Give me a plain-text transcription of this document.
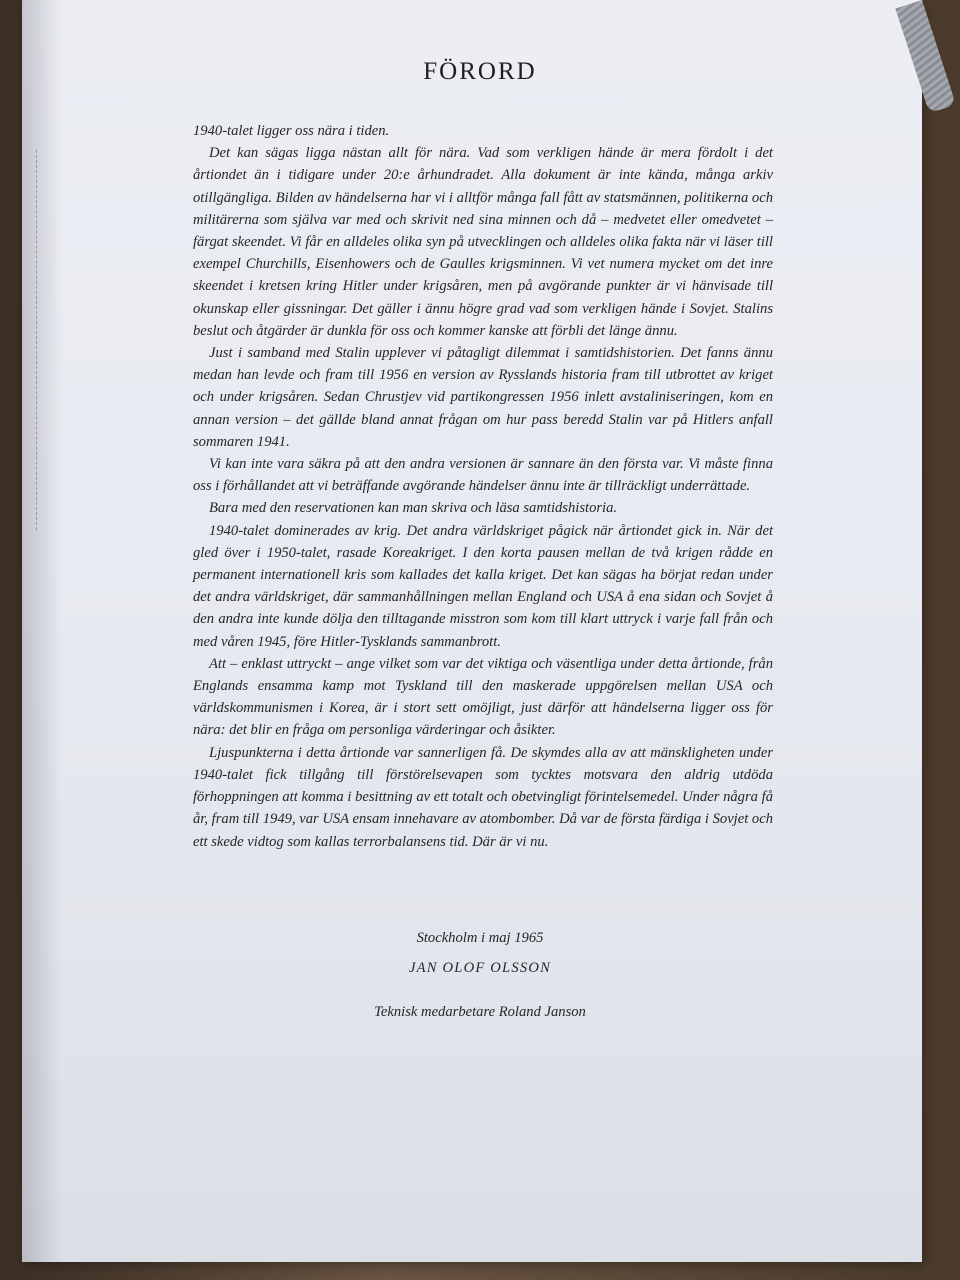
FÖRORD

1940-talet ligger oss nära i tiden.

Det kan sägas ligga nästan allt för nära. Vad som verkligen hände är mera fördolt i det årtiondet än i tidigare under 20:e århundradet. Alla dokument är inte kända, många arkiv otillgängliga. Bilden av händelserna har vi i alltför många fall fått av statsmännen, politikerna och militärerna som själva var med och skrivit ned sina minnen och då – medvetet eller omedvetet – färgat skeendet. Vi får en alldeles olika syn på utvecklingen och alldeles olika fakta när vi läser till exempel Churchills, Eisenhowers och de Gaulles krigsminnen. Vi vet numera mycket om det inre skeendet i kretsen kring Hitler under krigsåren, men på avgörande punkter är vi hänvisade till okunskap eller gissningar. Det gäller i ännu högre grad vad som verkligen hände i Sovjet. Stalins beslut och åtgärder är dunkla för oss och kommer kanske att förbli det länge ännu.

Just i samband med Stalin upplever vi påtagligt dilemmat i samtidshistorien. Det fanns ännu medan han levde och fram till 1956 en version av Rysslands historia fram till utbrottet av kriget och under krigsåren. Sedan Chrustjev vid partikongressen 1956 inlett avstaliniseringen, kom en annan version – det gällde bland annat frågan om hur pass beredd Stalin var på Hitlers anfall sommaren 1941.

Vi kan inte vara säkra på att den andra versionen är sannare än den första var. Vi måste finna oss i förhållandet att vi beträffande avgörande händelser ännu inte är tillräckligt underrättade.

Bara med den reservationen kan man skriva och läsa samtidshistoria.

1940-talet dominerades av krig. Det andra världskriget pågick när årtiondet gick in. När det gled över i 1950-talet, rasade Koreakriget. I den korta pausen mellan de två krigen rådde en permanent internationell kris som kallades det kalla kriget. Det kan sägas ha börjat redan under det andra världskriget, där sammanhållningen mellan England och USA å ena sidan och Sovjet å den andra inte kunde dölja den tilltagande misstron som kom till klart uttryck i varje fall från och med våren 1945, före Hitler-Tysklands sammanbrott.

Att – enklast uttryckt – ange vilket som var det viktiga och väsentliga under detta årtionde, från Englands ensamma kamp mot Tyskland till den maskerade uppgörelsen mellan USA och världskommunismen i Korea, är i stort sett omöjligt, just därför att händelserna ligger oss för nära: det blir en fråga om personliga värderingar och åsikter.

Ljuspunkterna i detta årtionde var sannerligen få. De skymdes alla av att mänskligheten under 1940-talet fick tillgång till förstörelsevapen som tycktes motsvara den aldrig utdöda förhoppningen att komma i besittning av ett totalt och obetvingligt förintelsemedel. Under några få år, fram till 1949, var USA ensam innehavare av atombomber. Då var de första färdiga i Sovjet och ett skede vidtog som kallas terrorbalansens tid. Där är vi nu.

Stockholm i maj 1965
JAN OLOF OLSSON
Teknisk medarbetare Roland Janson
